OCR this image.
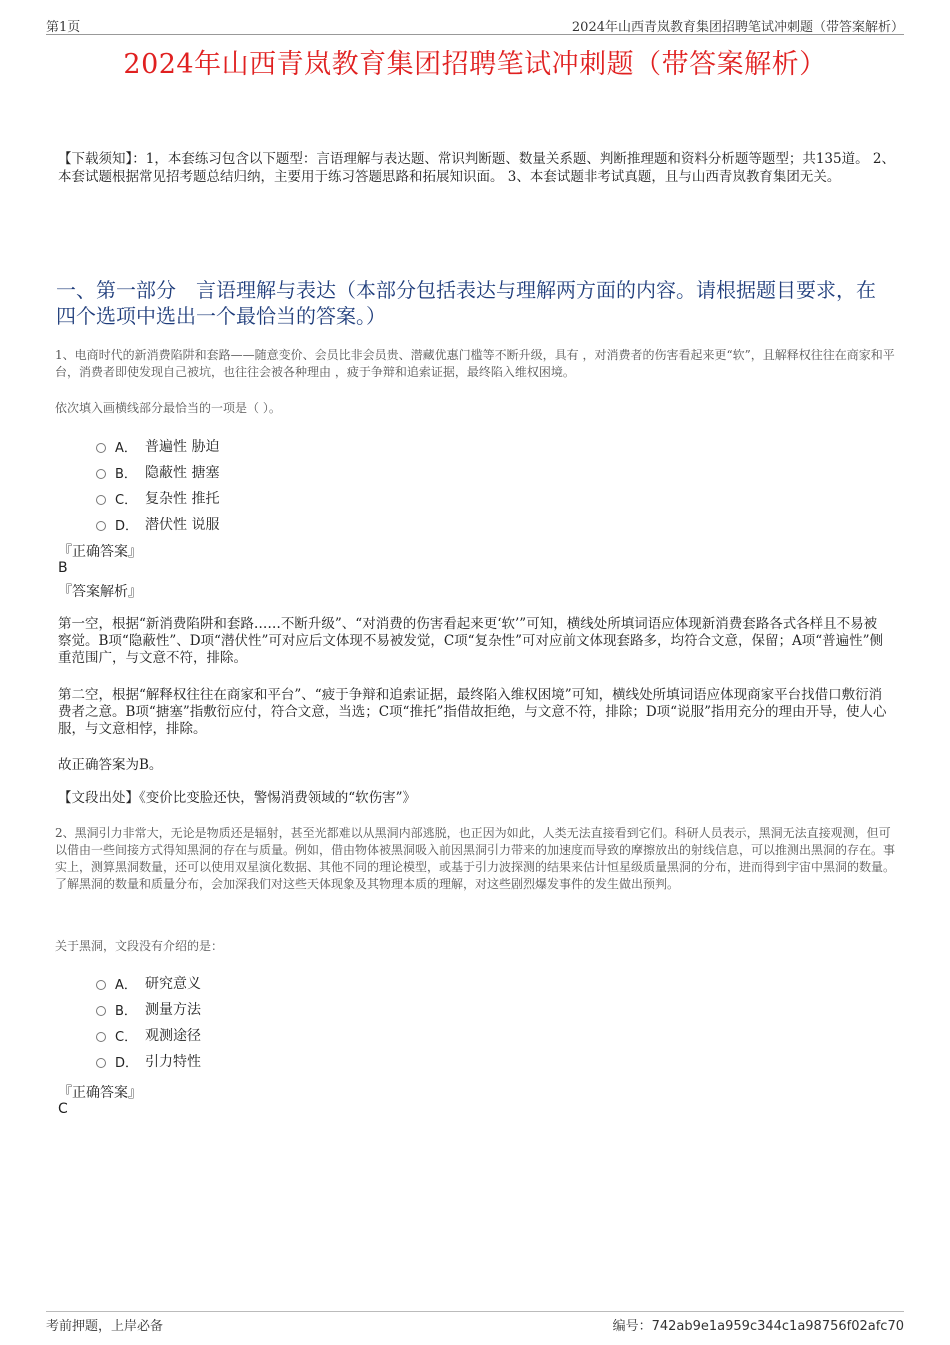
第1页	2024年山西青岚教育集团招聘笔试冲刺题（带答案解析）
2024年山西青岚教育集团招聘笔试冲刺题（带答案解析）
【下载须知】：1，本套练习包含以下题型：言语理解与表达题、常识判断题、数量关系题、判断推理题和资料分析题等题型；共135道。 2、本套试题根据常见招考题总结归纳，主要用于练习答题思路和拓展知识面。 3、本套试题非考试真题，且与山西青岚教育集团无关。
一、第一部分　言语理解与表达（本部分包括表达与理解两方面的内容。请根据题目要求，在四个选项中选出一个最恰当的答案。）
1、电商时代的新消费陷阱和套路——随意变价、会员比非会员贵、潜藏优惠门槛等不断升级，具有 ，对消费者的伤害看起来更“软”，且解释权往往在商家和平台，消费者即使发现自己被坑，也往往会被各种理由 ，疲于争辩和追索证据，最终陷入维权困境。
依次填入画横线部分最恰当的一项是（ ）。
A． 普遍性 胁迫
B． 隐蔽性 搪塞
C． 复杂性 推托
D． 潜伏性 说服
『正确答案』
B
『答案解析』
第一空，根据“新消费陷阱和套路……不断升级”、“对消费的伤害看起来更‘软’”可知，横线处所填词语应体现新消费套路各式各样且不易被察觉。B项“隐蔽性”、D项“潜伏性”可对应后文体现不易被发觉，C项“复杂性”可对应前文体现套路多，均符合文意，保留；A项“普遍性”侧重范围广，与文意不符，排除。
第二空，根据“解释权往往在商家和平台”、“疲于争辩和追索证据，最终陷入维权困境”可知，横线处所填词语应体现商家平台找借口敷衍消费者之意。B项“搪塞”指敷衍应付，符合文意，当选；C项“推托”指借故拒绝，与文意不符，排除；D项“说服”指用充分的理由开导，使人心服，与文意相悖，排除。
故正确答案为B。
【文段出处】《变价比变脸还快，警惕消费领域的“软伤害”》
2、黑洞引力非常大，无论是物质还是辐射，甚至光都难以从黑洞内部逃脱，也正因为如此，人类无法直接看到它们。科研人员表示，黑洞无法直接观测，但可以借由一些间接方式得知黑洞的存在与质量。例如，借由物体被黑洞吸入前因黑洞引力带来的加速度而导致的摩擦放出的射线信息，可以推测出黑洞的存在。事实上，测算黑洞数量，还可以使用双星演化数据、其他不同的理论模型，或基于引力波探测的结果来估计恒星级质量黑洞的分布，进而得到宇宙中黑洞的数量。了解黑洞的数量和质量分布，会加深我们对这些天体现象及其物理本质的理解，对这些剧烈爆发事件的发生做出预判。
关于黑洞，文段没有介绍的是：
A． 研究意义
B． 测量方法
C． 观测途径
D． 引力特性
『正确答案』
C
考前押题，上岸必备	编号：742ab9e1a959c344c1a98756f02afc70
